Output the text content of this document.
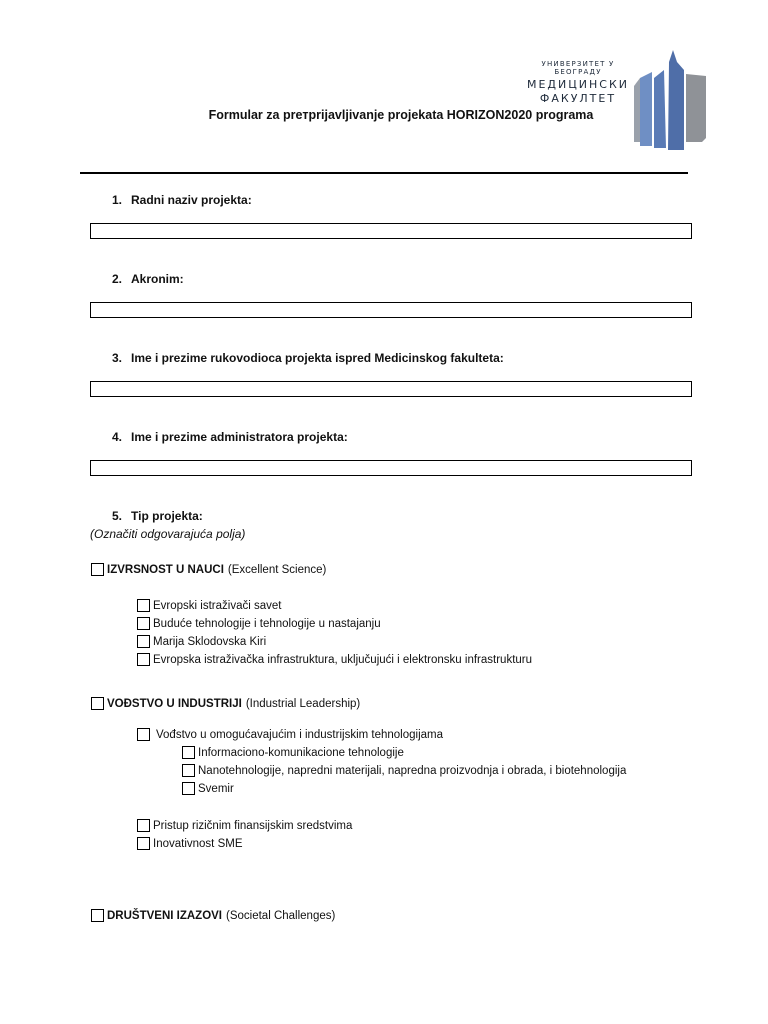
УНИВЕРЗИТЕТ У БЕОГРАДУ
МЕДИЦИНСКИ
ФАКУЛТЕТ
Formular za preтprijavljivanje projekata HORIZON2020 programa
1. Radni naziv projekta:
2. Akronim:
3. Ime i prezime rukovodioca projekta ispred Medicinskog fakulteta:
4. Ime i prezime administratora projekta:
5. Tip projekta:
(Označiti odgovarajuća polja)
IZVRSNOST U NAUCI (Excellent Science)
Evropski istraživači savet
Buduće tehnologije i tehnologije u nastajanju
Marija Sklodovska Kiri
Evropska istraživačka infrastruktura, uključujući i elektronsku infrastrukturu
VOĐSTVO U INDUSTRIJI (Industrial Leadership)
Vođstvo u omogućavajućim i industrijskim tehnologijama
Informaciono-komunikacione tehnologije
Nanotehnologije, napredni materijali, napredna proizvodnja i obrada, i biotehnologija
Svemir
Pristup rizičnim finansijskim sredstvima
Inovativnost SME
DRUŠTVENI IZAZOVI (Societal Challenges)
